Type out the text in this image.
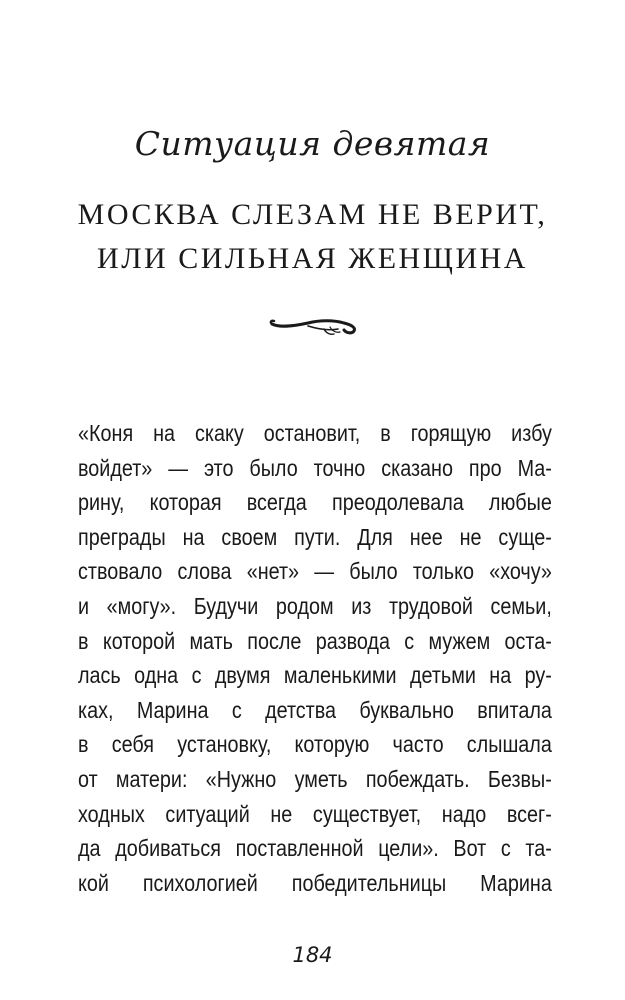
Ситуация девятая
МОСКВА СЛЕЗАМ НЕ ВЕРИТ,
ИЛИ СИЛЬНАЯ ЖЕНЩИНА
«Коня на скаку остановит, в горящую избу
войдет» — это было точно сказано про Ма-
рину, которая всегда преодолевала любые
преграды на своем пути. Для нее не суще-
ствовало слова «нет» — было только «хочу»
и «могу». Будучи родом из трудовой семьи,
в которой мать после развода с мужем оста-
лась одна с двумя маленькими детьми на ру-
ках, Марина с детства буквально впитала
в себя установку, которую часто слышала
от матери: «Нужно уметь побеждать. Безвы-
ходных ситуаций не существует, надо всег-
да добиваться поставленной цели». Вот с та-
кой психологией победительницы Марина
184
